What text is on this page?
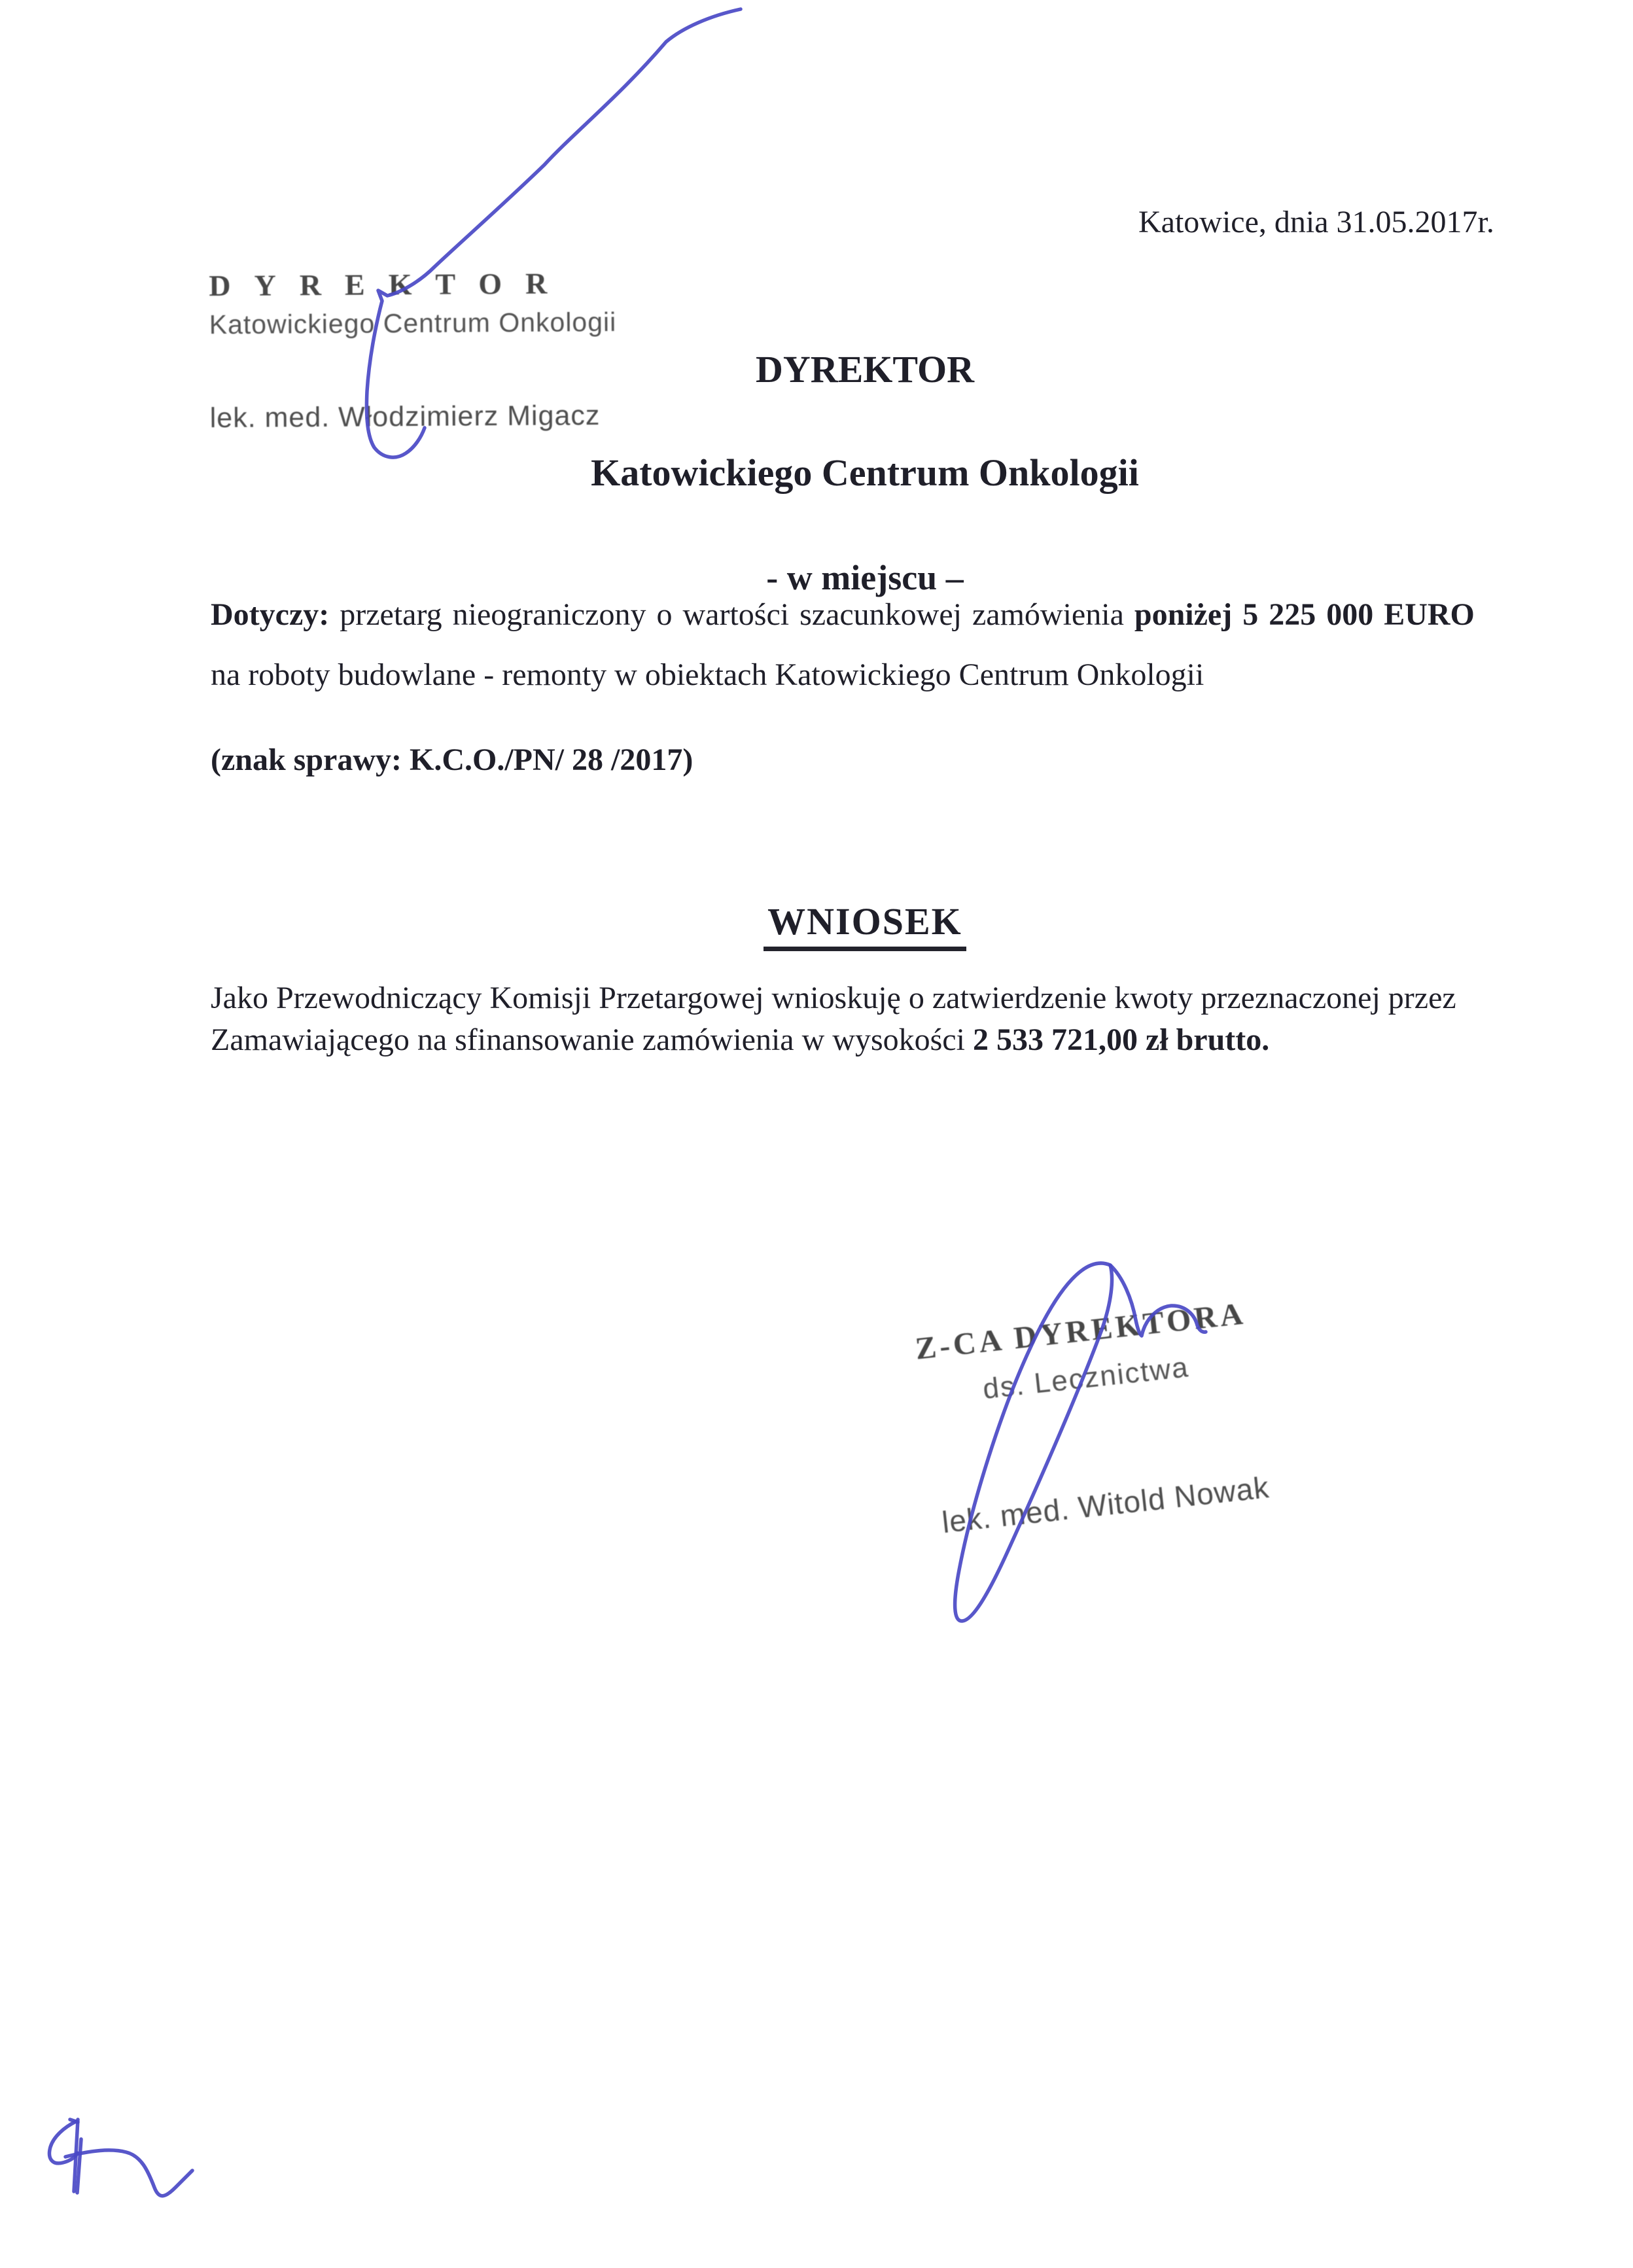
Katowice, dnia 31.05.2017r.
DYREKTOR
Katowickiego Centrum Onkologii
lek. med. Włodzimierz Migacz
DYREKTOR
Katowickiego Centrum Onkologii
- w miejscu –

Dotyczy: przetarg nieograniczony o wartości szacunkowej zamówienia poniżej 5 225 000 EURO

na roboty budowlane - remonty w obiektach Katowickiego Centrum Onkologii

(znak sprawy: K.C.O./PN/ 28 /2017)

WNIOSEK

Jako Przewodniczący Komisji Przetargowej wnioskuję o zatwierdzenie kwoty przeznaczonej przez

Zamawiającego na sfinansowanie zamówienia w wysokości 2 533 721,00 zł brutto.

Z-CA DYREKTORA
ds. Lecznictwa
lek. med. Witold Nowak
